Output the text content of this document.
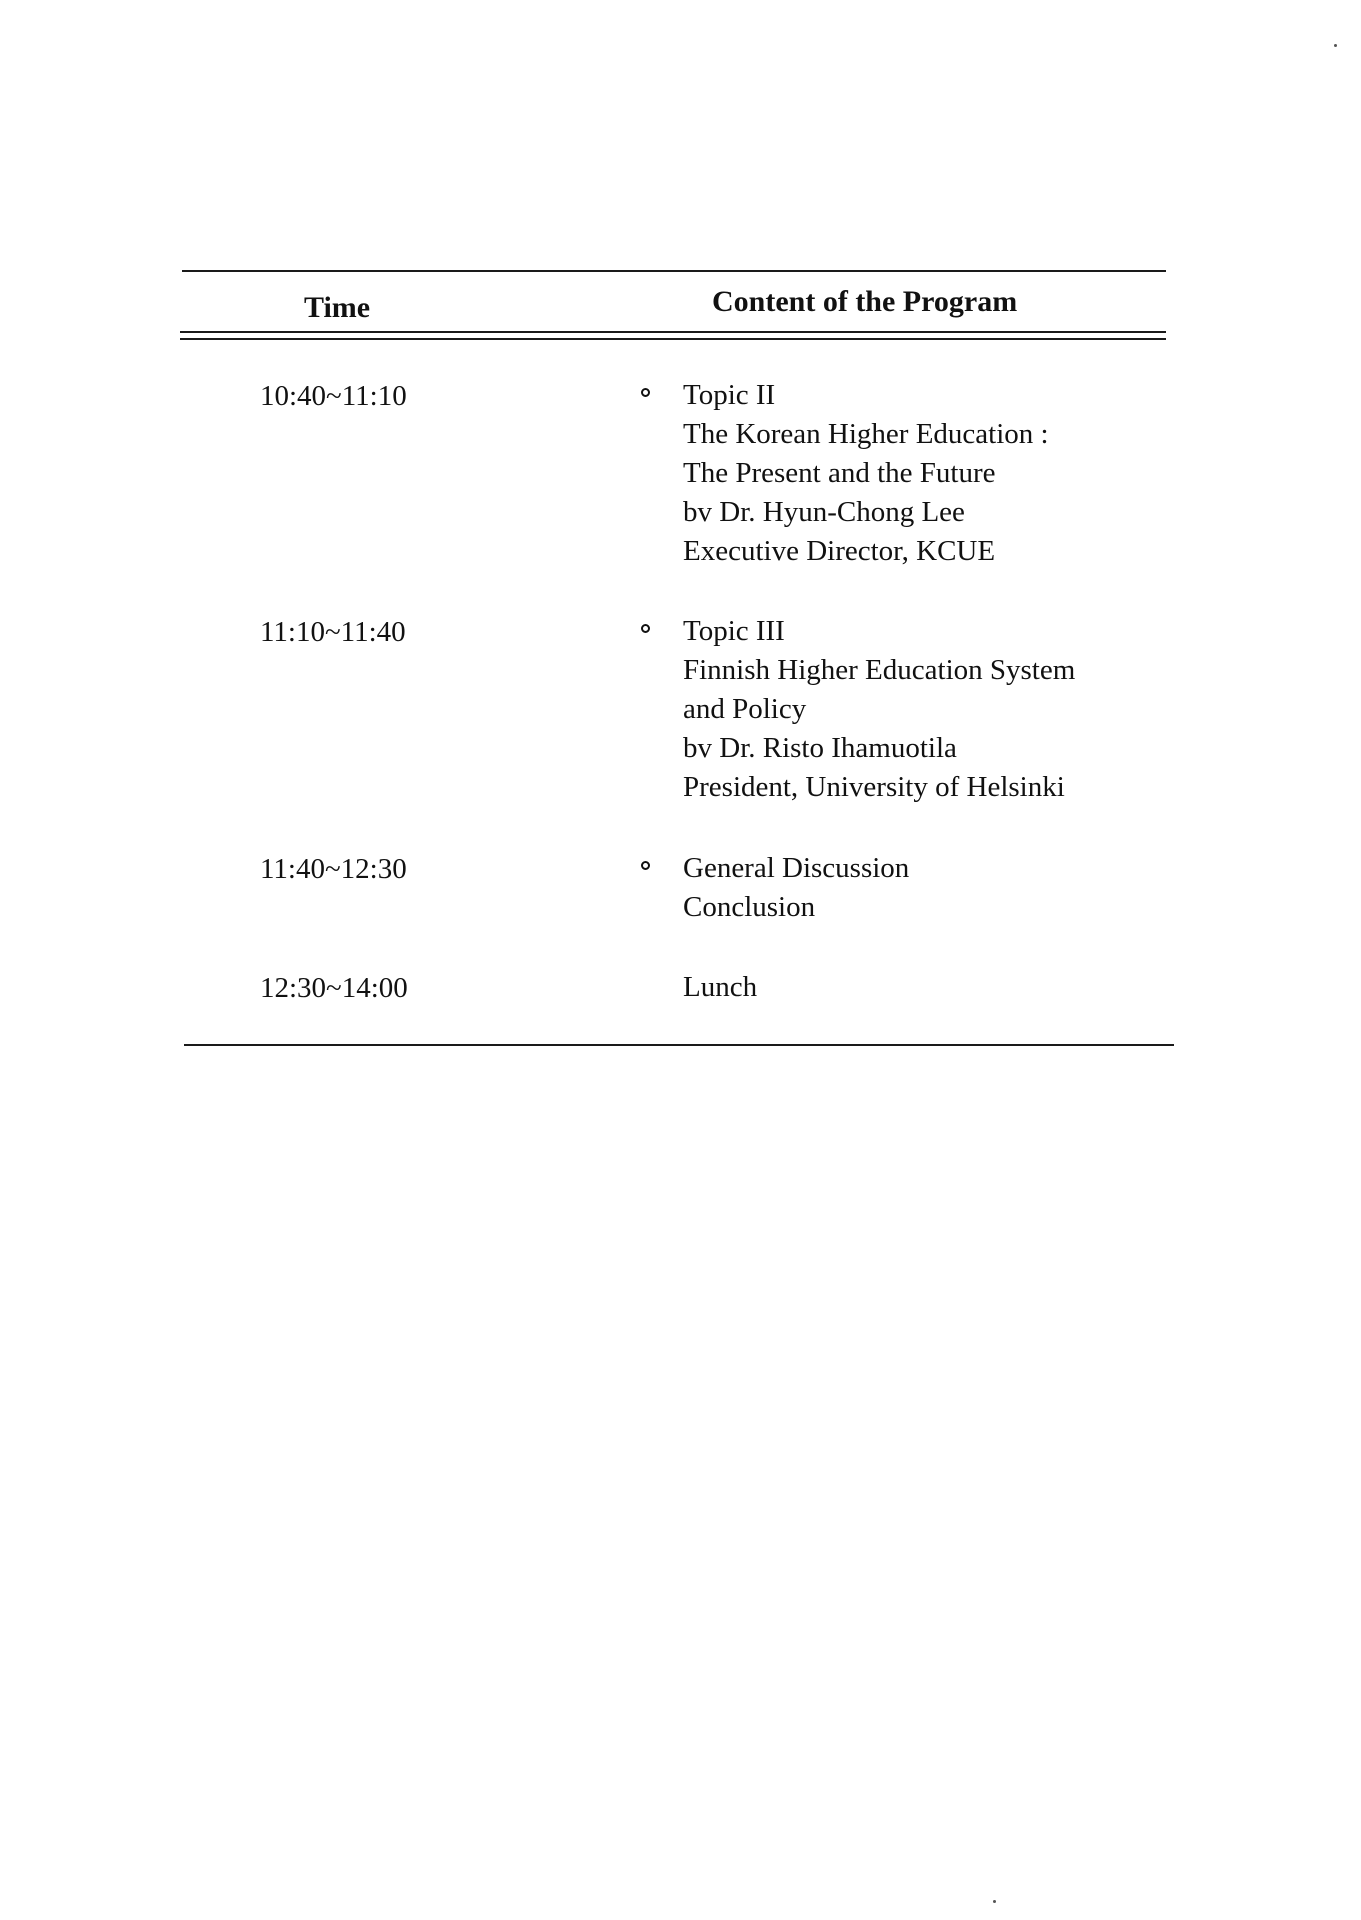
Time	Content of the Program
10:40~11:10	Topic II
The Korean Higher Education :
The Present and the Future
bv Dr. Hyun-Chong Lee
Executive Director, KCUE
11:10~11:40	Topic III
Finnish Higher Education System
and Policy
bv Dr. Risto Ihamuotila
President, University of Helsinki
11:40~12:30	General Discussion
Conclusion
12:30~14:00	Lunch
